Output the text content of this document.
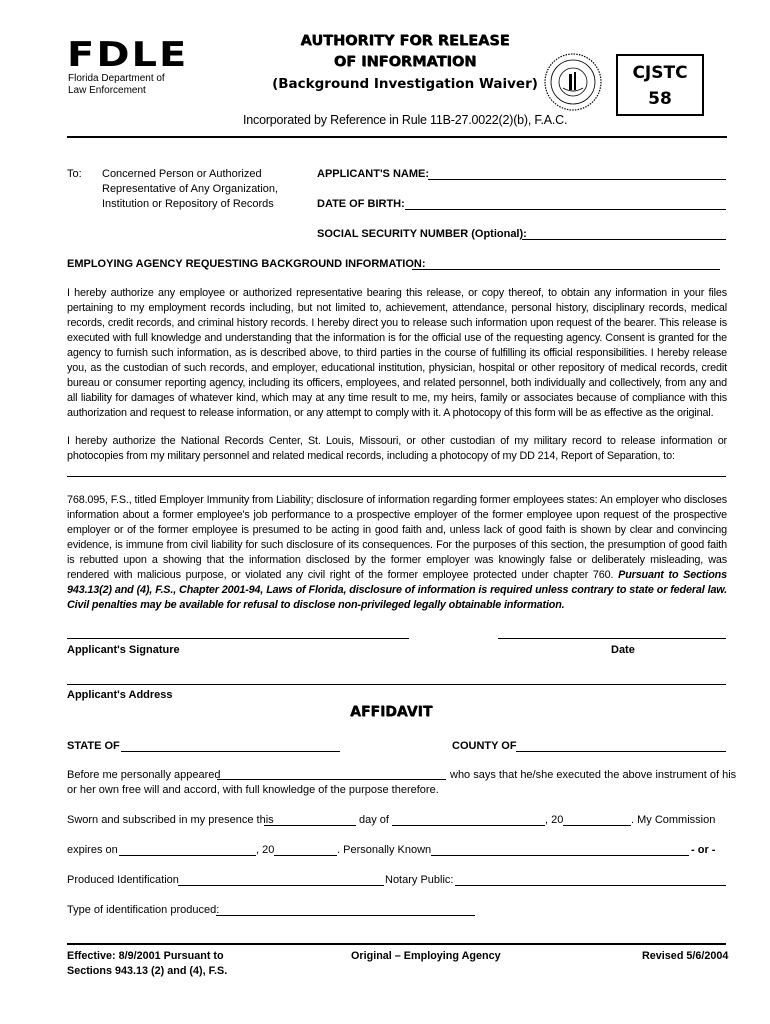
FDLE
Florida Department of Law Enforcement
AUTHORITY FOR RELEASE
OF INFORMATION
(Background Investigation Waiver)
CJSTC
58
Incorporated by Reference in Rule 11B-27.0022(2)(b), F.A.C.
To: Concerned Person or Authorized
Representative of Any Organization,
Institution or Repository of Records
APPLICANT'S NAME:
DATE OF BIRTH:
SOCIAL SECURITY NUMBER (Optional):
EMPLOYING AGENCY REQUESTING BACKGROUND INFORMATION:
I hereby authorize any employee or authorized representative bearing this release, or copy thereof, to obtain any information in your files pertaining to my employment records including, but not limited to, achievement, attendance, personal history, disciplinary records, medical records, credit records, and criminal history records. I hereby direct you to release such information upon request of the bearer. This release is executed with full knowledge and understanding that the information is for the official use of the requesting agency. Consent is granted for the agency to furnish such information, as is described above, to third parties in the course of fulfilling its official responsibilities. I hereby release you, as the custodian of such records, and employer, educational institution, physician, hospital or other repository of medical records, credit bureau or consumer reporting agency, including its officers, employees, and related personnel, both individually and collectively, from any and all liability for damages of whatever kind, which may at any time result to me, my heirs, family or associates because of compliance with this authorization and request to release information, or any attempt to comply with it. A photocopy of this form will be as effective as the original.
I hereby authorize the National Records Center, St. Louis, Missouri, or other custodian of my military record to release information or photocopies from my military personnel and related medical records, including a photocopy of my DD 214, Report of Separation, to:
768.095, F.S., titled Employer Immunity from Liability; disclosure of information regarding former employees states: An employer who discloses information about a former employee's job performance to a prospective employer of the former employee upon request of the prospective employer or of the former employee is presumed to be acting in good faith and, unless lack of good faith is shown by clear and convincing evidence, is immune from civil liability for such disclosure of its consequences. For the purposes of this section, the presumption of good faith is rebutted upon a showing that the information disclosed by the former employer was knowingly false or deliberately misleading, was rendered with malicious purpose, or violated any civil right of the former employee protected under chapter 760. Pursuant to Sections 943.13(2) and (4), F.S., Chapter 2001-94, Laws of Florida, disclosure of information is required unless contrary to state or federal law. Civil penalties may be available for refusal to disclose non-privileged legally obtainable information.
Applicant's Signature	Date
Applicant's Address
AFFIDAVIT
STATE OF	COUNTY OF
Before me personally appeared	who says that he/she executed the above instrument of his
or her own free will and accord, with full knowledge of the purpose therefore.
Sworn and subscribed in my presence this	day of	, 20	. My Commission
expires on	, 20	. Personally Known	- or -
Produced Identification	Notary Public:
Type of identification produced:
Effective: 8/9/2001 Pursuant to
Sections 943.13 (2) and (4), F.S.
Original – Employing Agency	Revised 5/6/2004
